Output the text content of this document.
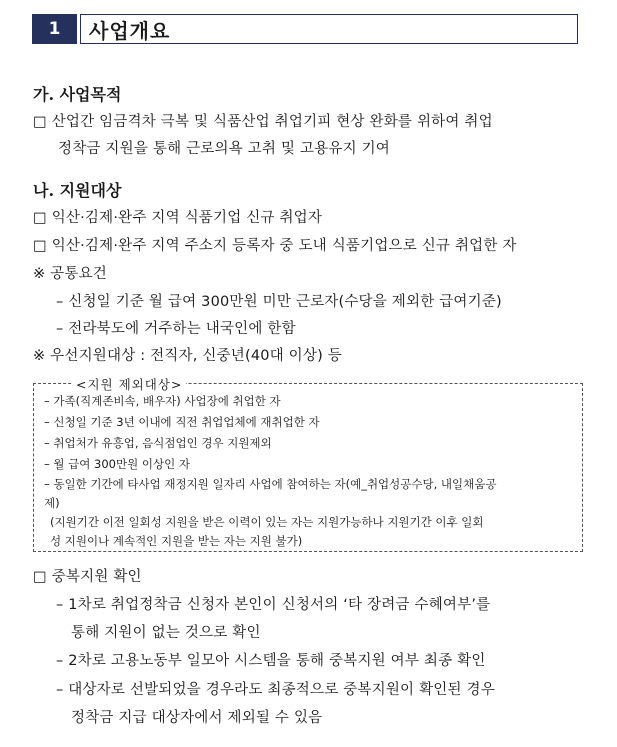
1 사업개요
가. 사업목적
□ 산업간 임금격차 극복 및 식품산업 취업기피 현상 완화를 위하여 취업
정착금 지원을 통해 근로의욕 고취 및 고용유지 기여
나. 지원대상
□ 익산·김제·완주 지역 식품기업 신규 취업자
□ 익산·김제·완주 지역 주소지 등록자 중 도내 식품기업으로 신규 취업한 자
※ 공통요건
– 신청일 기준 월 급여 300만원 미만 근로자(수당을 제외한 급여기준)
– 전라북도에 거주하는 내국인에 한함
※ 우선지원대상 : 전직자, 신중년(40대 이상) 등
<지원 제외대상>
– 가족(직계존비속, 배우자) 사업장에 취업한 자
– 신청일 기준 3년 이내에 직전 취업업체에 재취업한 자
– 취업처가 유흥업, 음식점업인 경우 지원제외
– 월 급여 300만원 이상인 자
– 동일한 기간에 타사업 재정지원 일자리 사업에 참여하는 자(예_취업성공수당, 내일채움공
제)
(지원기간 이전 일회성 지원을 받은 이력이 있는 자는 지원가능하나 지원기간 이후 일회
성 지원이나 계속적인 지원을 받는 자는 지원 불가)
□ 중복지원 확인
– 1차로 취업정착금 신청자 본인이 신청서의 ‘타 장려금 수혜여부’를
통해 지원이 없는 것으로 확인
– 2차로 고용노동부 일모아 시스템을 통해 중복지원 여부 최종 확인
– 대상자로 선발되었을 경우라도 최종적으로 중복지원이 확인된 경우
정착금 지급 대상자에서 제외될 수 있음
